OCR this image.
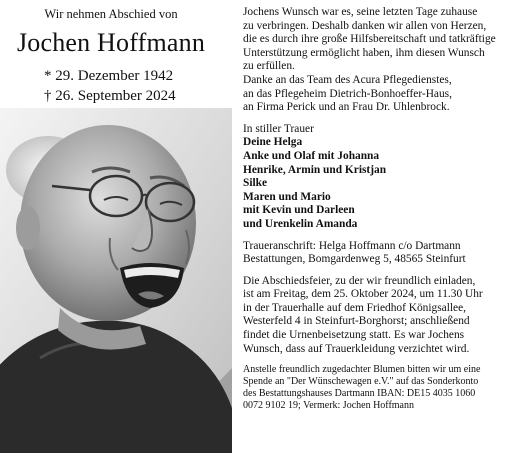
Wir nehmen Abschied von
Jochen Hoffmann
* 29. Dezember 1942
† 26. September 2024

Jochens Wunsch war es, seine letzten Tage zuhause

zu verbringen. Deshalb danken wir allen von Herzen,

die es durch ihre große Hilfsbereitschaft und tatkräftige

Unterstützung ermöglicht haben, ihm diesen Wunsch

zu erfüllen.

Danke an das Team des Acura Pflegedienstes,

an das Pflegeheim Dietrich-Bonhoeffer-Haus,

an Firma Perick und an Frau Dr. Uhlenbrock.

In stiller Trauer

Deine Helga

Anke und Olaf mit Johanna

Henrike, Armin und Kristjan

Silke

Maren und Mario

mit Kevin und Darleen

und Urenkelin Amanda

Traueranschrift: Helga Hoffmann c/o Dartmann

Bestattungen, Bomgardenweg 5, 48565 Steinfurt

Die Abschiedsfeier, zu der wir freundlich einladen,

ist am Freitag, dem 25. Oktober 2024, um 11.30 Uhr

in der Trauerhalle auf dem Friedhof Königsallee,

Westerfeld 4 in Steinfurt-Borghorst; anschließend

findet die Urnenbeisetzung statt. Es war Jochens

Wunsch, dass auf Trauerkleidung verzichtet wird.

Anstelle freundlich zugedachter Blumen bitten wir um eine

Spende an "Der Wünschewagen e.V." auf das Sonderkonto

des Bestattungshauses Dartmann IBAN: DE15 4035 1060

0072 9102 19; Vermerk: Jochen Hoffmann
